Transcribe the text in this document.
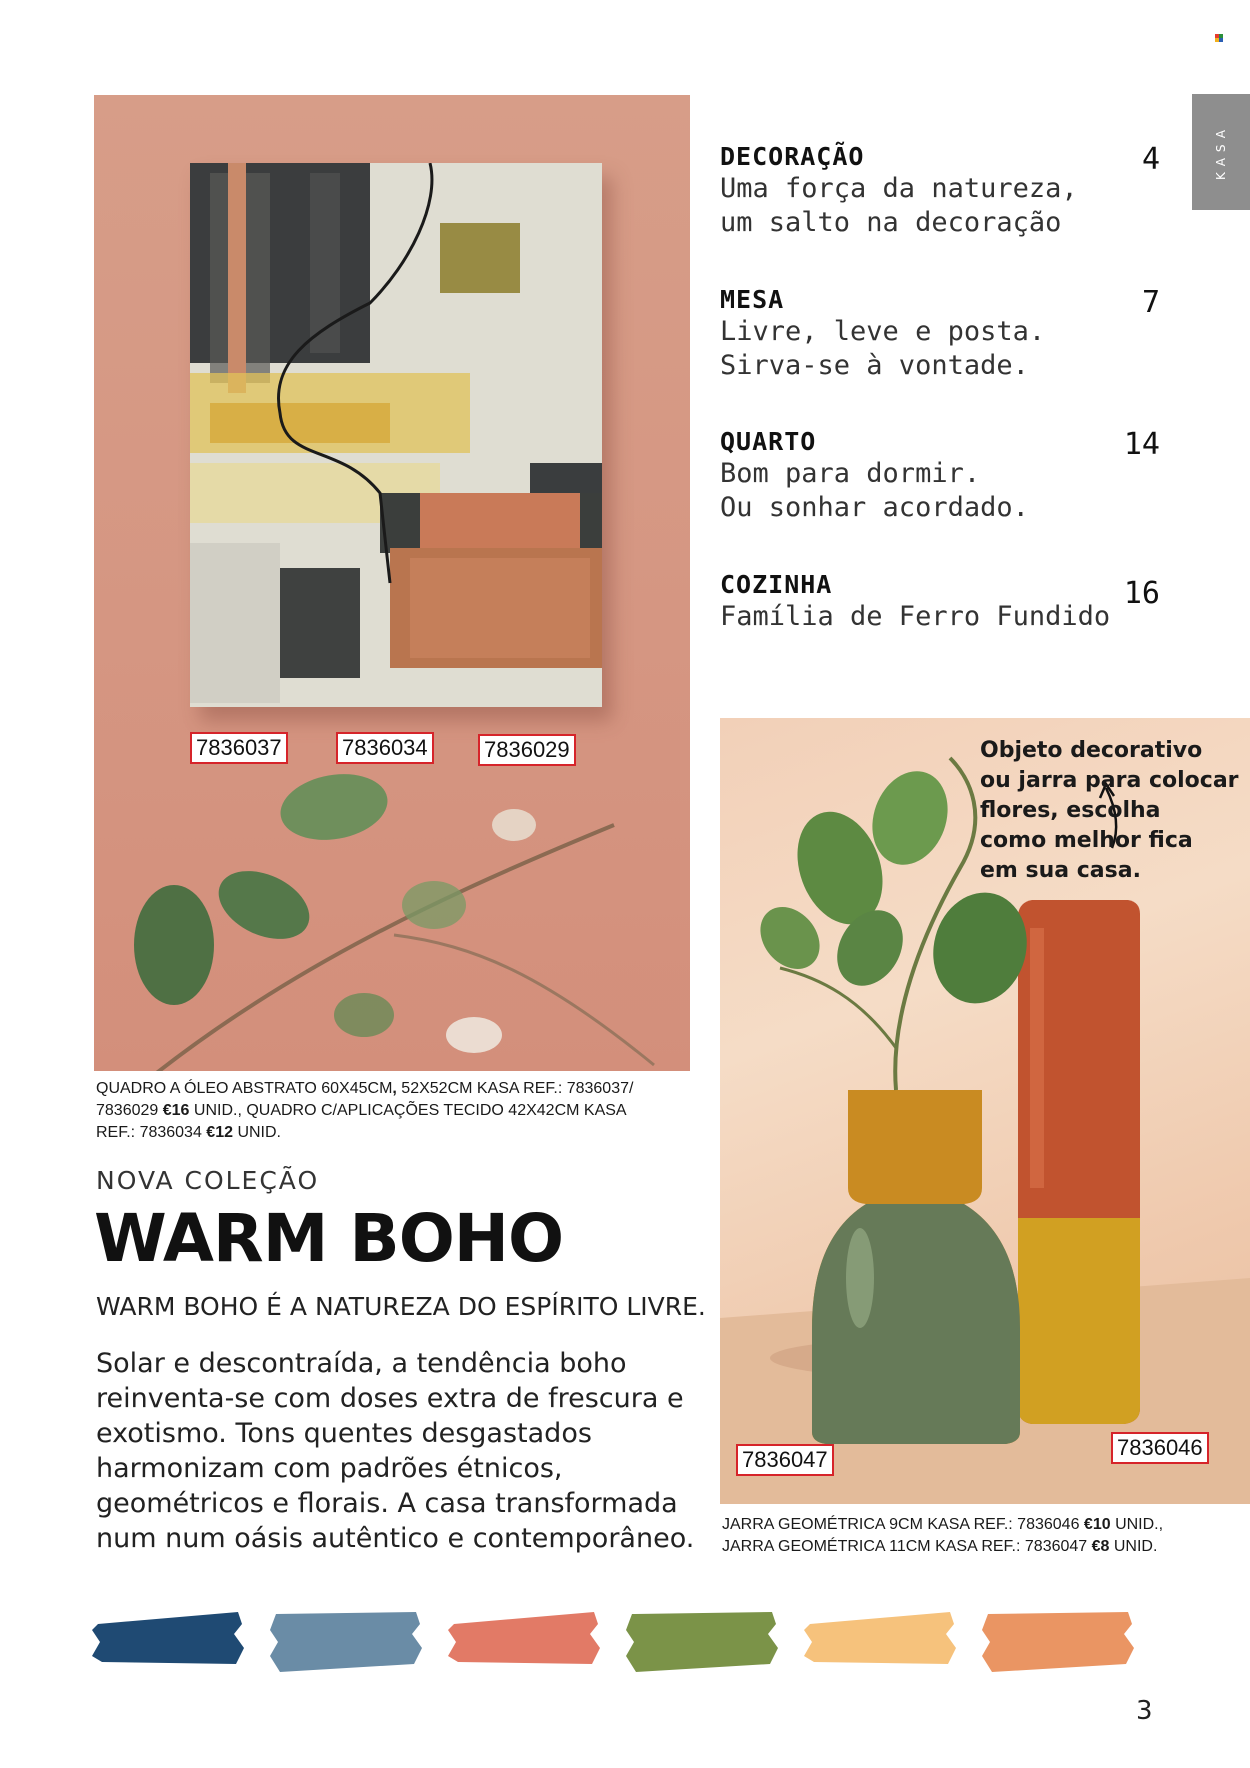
KASA
7836037	7836034	7836029
QUADRO A ÓLEO ABSTRATO 60X45CM, 52X52CM KASA REF.: 7836037/ 7836029 €16 UNID., QUADRO C/APLICAÇÕES TECIDO 42X42CM KASA REF.: 7836034 €12 UNID.
DECORAÇÃO
Uma força da natureza,
um salto na decoração
4
MESA
Livre, leve e posta.
Sirva-se à vontade.
7
QUARTO
Bom para dormir.
Ou sonhar acordado.
14
COZINHA
Família de Ferro Fundido
16
Objeto decorativo
ou jarra para colocar
flores, escolha
como melhor fica
em sua casa.
7836047	7836046
JARRA GEOMÉTRICA 9CM KASA REF.: 7836046 €10 UNID.,
JARRA GEOMÉTRICA 11CM KASA REF.: 7836047 €8 UNID.
NOVA COLEÇÃO
WARM BOHO
WARM BOHO É A NATUREZA DO ESPÍRITO LIVRE.
Solar e descontraída, a tendência boho reinventa-se com doses extra de frescura e exotismo. Tons quentes desgastados harmonizam com padrões étnicos, geométricos e florais. A casa transformada num num oásis autêntico e contemporâneo.
3
